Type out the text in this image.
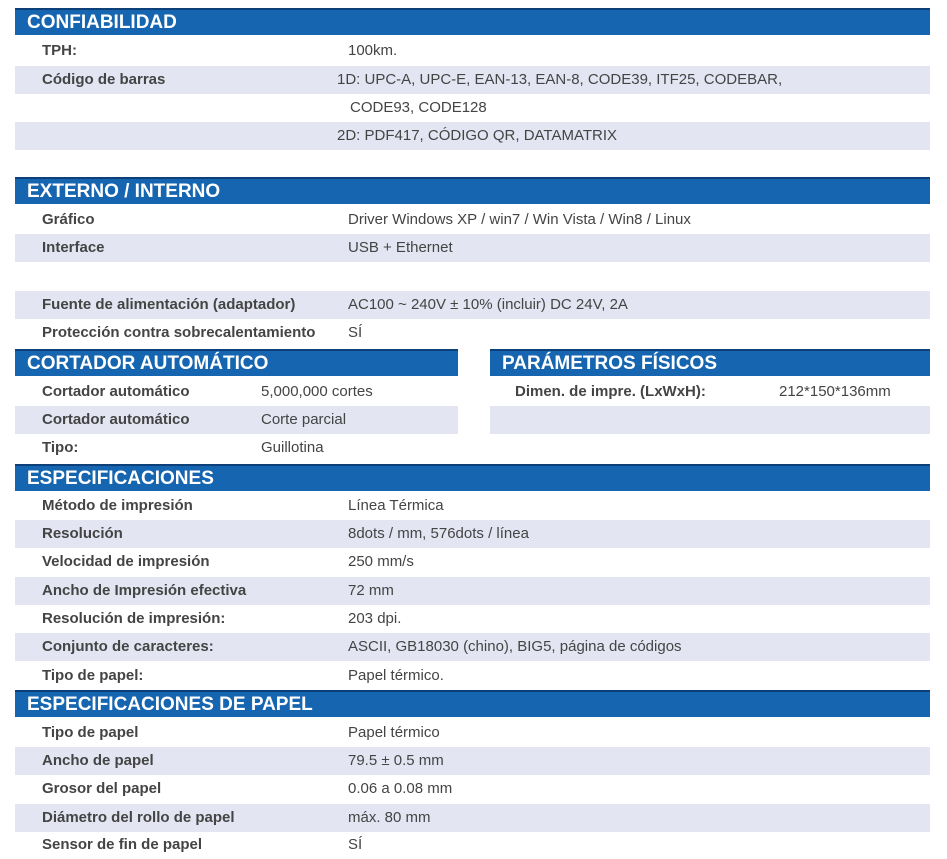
CONFIABILIDAD
TPH:	100km.
Código de barras	1D: UPC-A, UPC-E, EAN-13, EAN-8, CODE39, ITF25, CODEBAR,
CODE93, CODE128
2D: PDF417, CÓDIGO QR, DATAMATRIX
EXTERNO / INTERNO
Gráfico	Driver Windows XP / win7 / Win Vista / Win8 / Linux
Interface	USB + Ethernet
Fuente de alimentación (adaptador)	AC100 ~ 240V ± 10% (incluir) DC 24V, 2A
Protección contra sobrecalentamiento SÍ
CORTADOR AUTOMÁTICO
Cortador automático	5,000,000 cortes
Cortador automático	Corte parcial
Tipo:	Guillotina
PARÁMETROS FÍSICOS
Dimen. de impre. (LxWxH):	212*150*136mm
ESPECIFICACIONES
Método de impresión	Línea Térmica
Resolución	8dots / mm, 576dots / línea
Velocidad de impresión	250 mm/s
Ancho de Impresión efectiva	72 mm
Resolución de impresión:	203 dpi.
Conjunto de caracteres:	ASCII, GB18030 (chino), BIG5, página de códigos
Tipo de papel:	Papel térmico.
ESPECIFICACIONES DE PAPEL
Tipo de papel	Papel térmico
Ancho de papel	79.5 ± 0.5 mm
Grosor del papel	0.06 a 0.08 mm
Diámetro del rollo de papel	máx. 80 mm
Sensor de fin de papel	SÍ
